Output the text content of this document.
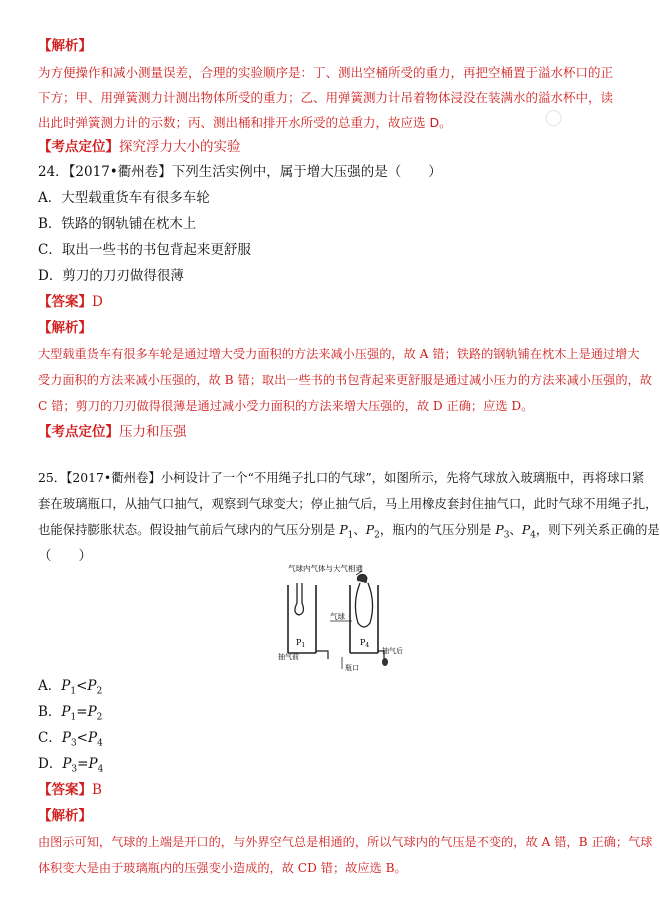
【解析】
为方便操作和减小测量误差，合理的实验顺序是：丁、测出空桶所受的重力，再把空桶置于溢水杯口的正
下方；甲、用弹簧测力计测出物体所受的重力；乙、用弹簧测力计吊着物体浸没在装满水的溢水杯中，读
出此时弹簧测力计的示数；丙、测出桶和排开水所受的总重力，故应选 D。
【考点定位】探究浮力大小的实验
24．【2017•衢州卷】下列生活实例中，属于增大压强的是（　　）
A．大型载重货车有很多车轮
B．铁路的钢轨铺在枕木上
C．取出一些书的书包背起来更舒服
D．剪刀的刀刃做得很薄
【答案】D
【解析】
大型载重货车有很多车轮是通过增大受力面积的方法来减小压强的，故 A 错；铁路的钢轨铺在枕木上是通过增大
受力面积的方法来减小压强的，故 B 错；取出一些书的书包背起来更舒服是通过减小压力的方法来减小压强的，故
C 错；剪刀的刀刃做得很薄是通过减小受力面积的方法来增大压强的，故 D 正确；应选 D。
【考点定位】压力和压强
25．【2017•衢州卷】小柯设计了一个“不用绳子扎口的气球”，如图所示，先将气球放入玻璃瓶中，再将球口紧
套在玻璃瓶口，从抽气口抽气，观察到气球变大；停止抽气后，马上用橡皮套封住抽气口，此时气球不用绳子扎，
也能保持膨胀状态。假设抽气前后气球内的气压分别是 $P_1$、$P_2$，瓶内的气压分别是 $P_3$、$P_4$，则下列关系正确的是
（　　）
气球内气体与大气相通
气球
$P_1$	$P_4$
抽气前
抽气后
瓶口
A．$P_1<P_2$
B．$P_1=P_2$
C．$P_3<P_4$
D．$P_3=P_4$
【答案】B
【解析】
由图示可知，气球的上端是开口的，与外界空气总是相通的，所以气球内的气压是不变的，故 A 错，B 正确；气球
体积变大是由于玻璃瓶内的压强变小造成的，故 CD 错；故应选 B。
